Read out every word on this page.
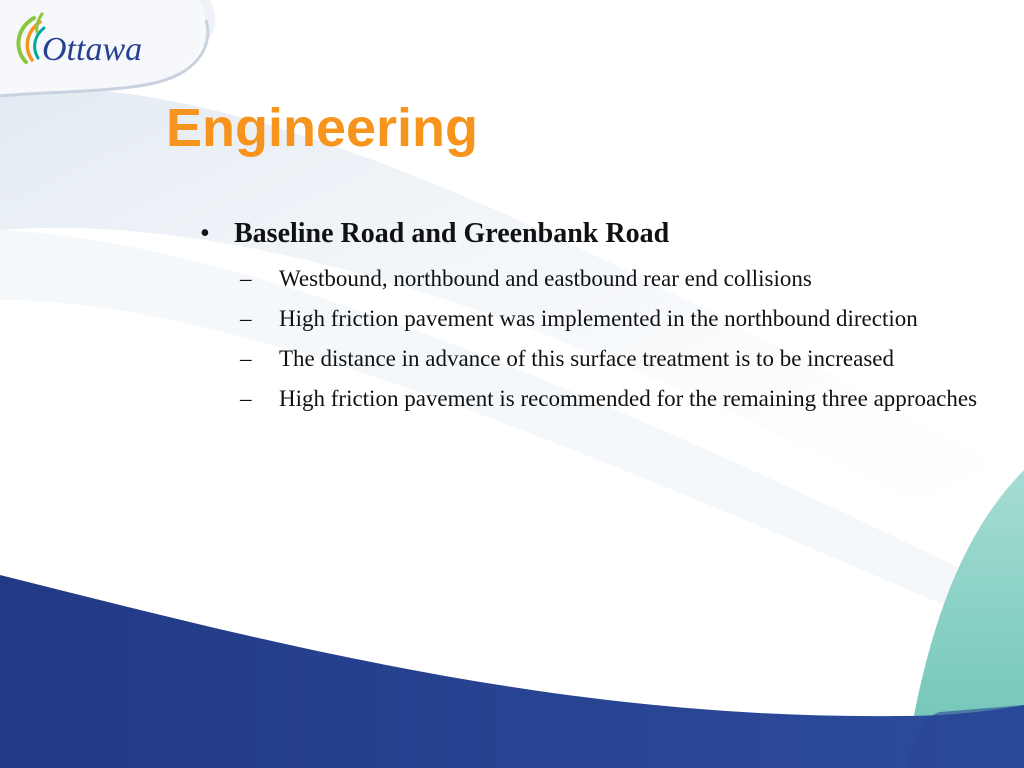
Ottawa
Engineering
• Baseline Road and Greenbank Road
–	Westbound, northbound and eastbound rear end collisions
–	High friction pavement was implemented in the northbound direction
–	The distance in advance of this surface treatment is to be increased
–	High friction pavement is recommended for the remaining three approaches
